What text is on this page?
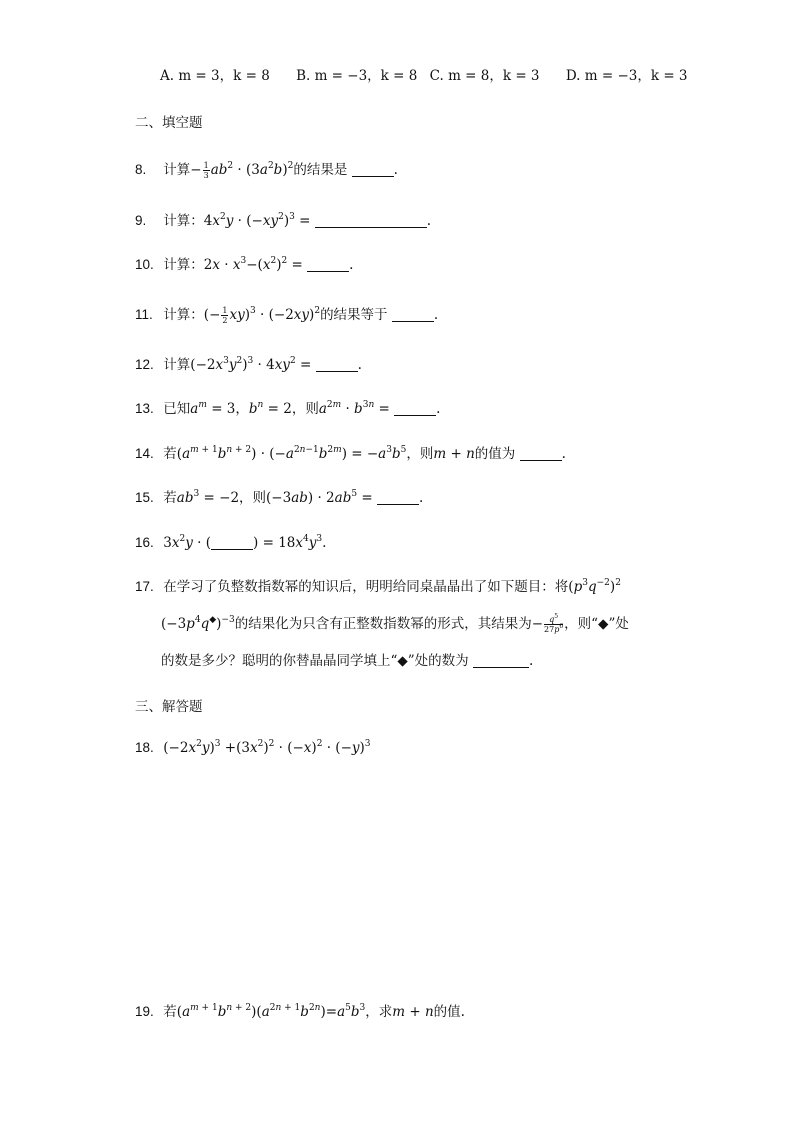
A. m = 3，k = 8 B. m = −3，k = 8 C. m = 8，k = 3 D. m = −3，k = 3
二、填空题
8. 计算− $\frac{1}{3} ab^2 \cdot (3a^2b)^2$的结果是	.
9. 计算：$4x^2y \cdot (-xy^2)^3$ =	.
10. 计算：$2x \cdot x^3-(x^2)^2$ =	.
11. 计算：(− $\frac{1}{2} xy)^3 \cdot (-2xy)^2$的结果等于	.
12. 计算$(-2x^3y^2)^3 \cdot 4xy^2$ =	.
13. 已知$a^m = 3$，$b^n = 2$，则$a^{2m} \cdot b^{3n}$ =	.
14. 若$(a^{m + 1}b^{n + 2}) \cdot (-a^{2n-1}b^{2m}) = -a^3b^5$，则m + n的值为	.
15. 若$ab^3 = -2$，则$(-3ab) \cdot 2ab^5$ =	.
16. $3x^2y$ · (	) = $18x^4y^3$.
17. 在学习了负整数指数幂的知识后，明明给同桌晶晶出了如下题目：将$(p^3q^{-2})^2$
$(-3p^4q^◆)^{-3}$的结果化为只含有正整数指数幂的形式，其结果为− $\frac{q^5}{27p^6}$ ，则“◆”处
的数是多少？聪明的你替晶晶同学填上“◆”处的数为	.
三、解答题
18. $(-2x^2y)^3 +(3x^2)^2 \cdot (-x)^2 \cdot (-y)^3$
19. 若$(a^{m + 1}b^{n + 2})(a^{2n + 1}b^{2n})=a^5b^3$，求m + n的值.
